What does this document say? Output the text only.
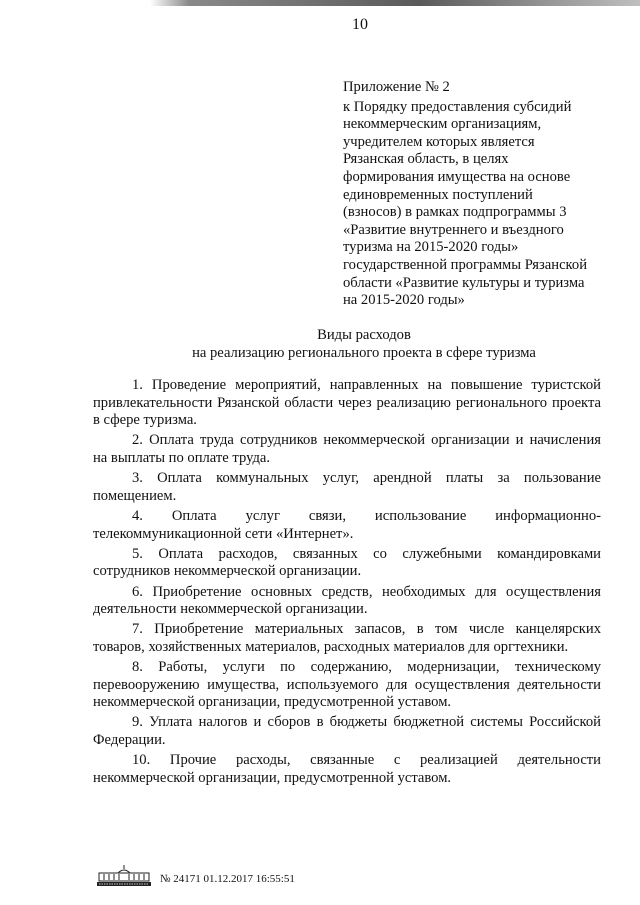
10
Приложение № 2
к Порядку предоставления субсидий
некоммерческим организациям,
учредителем которых является
Рязанская область, в целях
формирования имущества на основе
единовременных поступлений
(взносов) в рамках подпрограммы 3
«Развитие внутреннего и въездного
туризма на 2015-2020 годы»
государственной программы Рязанской
области «Развитие культуры и туризма
на 2015-2020 годы»
Виды расходов
на реализацию регионального проекта в сфере туризма

1. Проведение мероприятий, направленных на повышение туристской привлекательности Рязанской области через реализацию регионального проекта в сфере туризма.

2. Оплата труда сотрудников некоммерческой организации и начисления на выплаты по оплате труда.

3. Оплата коммунальных услуг, арендной платы за пользование помещением.

4. Оплата услуг связи, использование информационно-телекоммуникационной сети «Интернет».

5. Оплата расходов, связанных со служебными командировками сотрудников некоммерческой организации.

6. Приобретение основных средств, необходимых для осуществления деятельности некоммерческой организации.

7. Приобретение материальных запасов, в том числе канцелярских товаров, хозяйственных материалов, расходных материалов для оргтехники.

8. Работы, услуги по содержанию, модернизации, техническому перевооружению имущества, используемого для осуществления деятельности некоммерческой организации, предусмотренной уставом.

9. Уплата налогов и сборов в бюджеты бюджетной системы Российской Федерации.

10. Прочие расходы, связанные с реализацией деятельности некоммерческой организации, предусмотренной уставом.

№ 24171 01.12.2017 16:55:51
